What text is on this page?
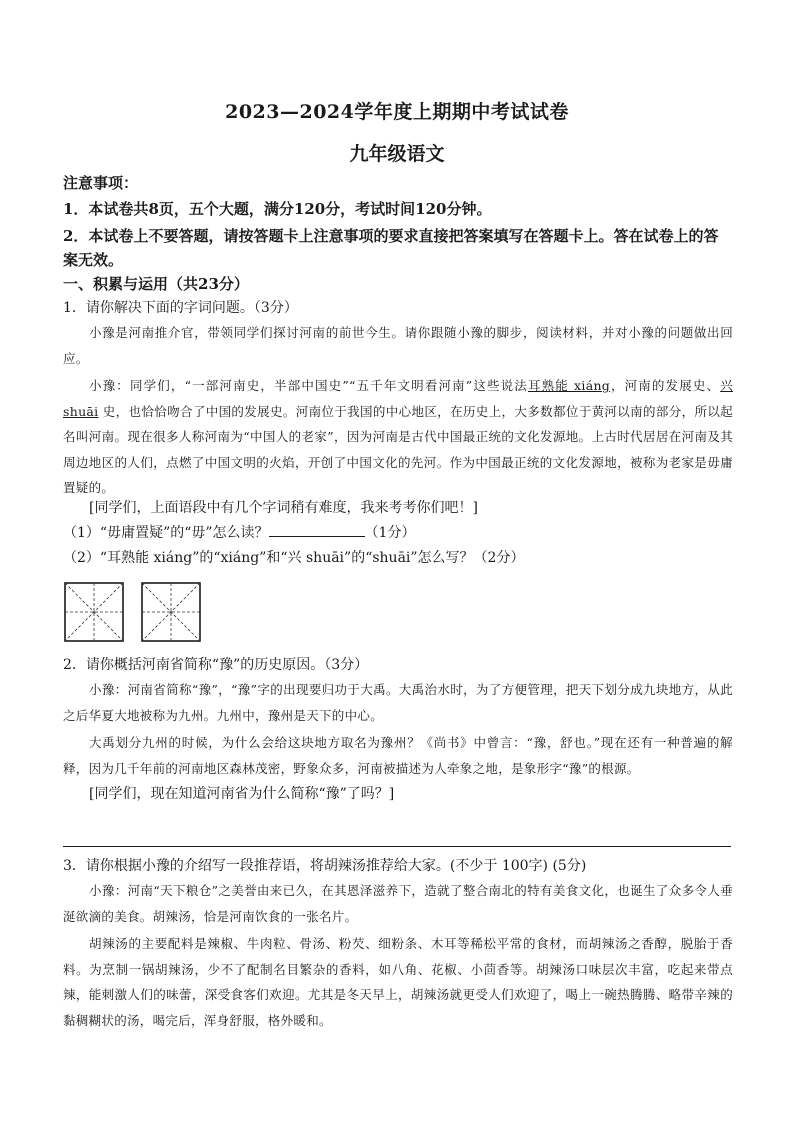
2023—2024学年度上期期中考试试卷
九年级语文
注意事项：
1．本试卷共8页，五个大题，满分120分，考试时间120分钟。
2．本试卷上不要答题，请按答题卡上注意事项的要求直接把答案填写在答题卡上。答在试卷上的答案无效。
一、积累与运用（共23分）
1．请你解决下面的字词问题。（3分）
小豫是河南推介官，带领同学们探讨河南的前世今生。请你跟随小豫的脚步，阅读材料，并对小豫的问题做出回应。
小豫：同学们，“一部河南史，半部中国史”“五千年文明看河南”这些说法耳熟能 xiáng，河南的发展史、兴 shuāi 史，也恰恰吻合了中国的发展史。河南位于我国的中心地区，在历史上，大多数都位于黄河以南的部分，所以起名叫河南。现在很多人称河南为“中国人的老家”，因为河南是古代中国最正统的文化发源地。上古时代居居在河南及其周边地区的人们，点燃了中国文明的火焰，开创了中国文化的先河。作为中国最正统的文化发源地，被称为老家是毋庸置疑的。
[同学们，上面语段中有几个字词稍有难度，我来考考你们吧！]
（1）“毋庸置疑”的“毋”怎么读？	（1分）
（2）“耳熟能 xiáng”的“xiáng”和“兴 shuāi”的“shuāi”怎么写？（2分）
2．请你概括河南省简称“豫”的历史原因。（3分）
小豫：河南省简称“豫”，“豫”字的出现要归功于大禹。大禹治水时，为了方便管理，把天下划分成九块地方，从此之后华夏大地被称为九州。九州中，豫州是天下的中心。
大禹划分九州的时候，为什么会给这块地方取名为豫州？《尚书》中曾言：“豫，舒也。”现在还有一种普遍的解释，因为几千年前的河南地区森林茂密，野象众多，河南被描述为人牵象之地，是象形字“豫”的根源。
[同学们，现在知道河南省为什么简称“豫”了吗？]
3．请你根据小豫的介绍写一段推荐语，将胡辣汤推荐给大家。(不少于 100字) (5分)
小豫：河南“天下粮仓”之美誉由来已久，在其恩泽滋养下，造就了整合南北的特有美食文化，也诞生了众多令人垂涎欲滴的美食。胡辣汤，恰是河南饮食的一张名片。
胡辣汤的主要配料是辣椒、牛肉粒、骨汤、粉芡、细粉条、木耳等稀松平常的食材，而胡辣汤之香醇，脱胎于香料。为烹制一锅胡辣汤，少不了配制名目繁杂的香料，如八角、花椒、小茴香等。胡辣汤口味层次丰富，吃起来带点辣，能刺激人们的味蕾，深受食客们欢迎。尤其是冬天早上，胡辣汤就更受人们欢迎了，喝上一碗热腾腾、略带辛辣的黏稠糊状的汤，喝完后，浑身舒服，格外暖和。
